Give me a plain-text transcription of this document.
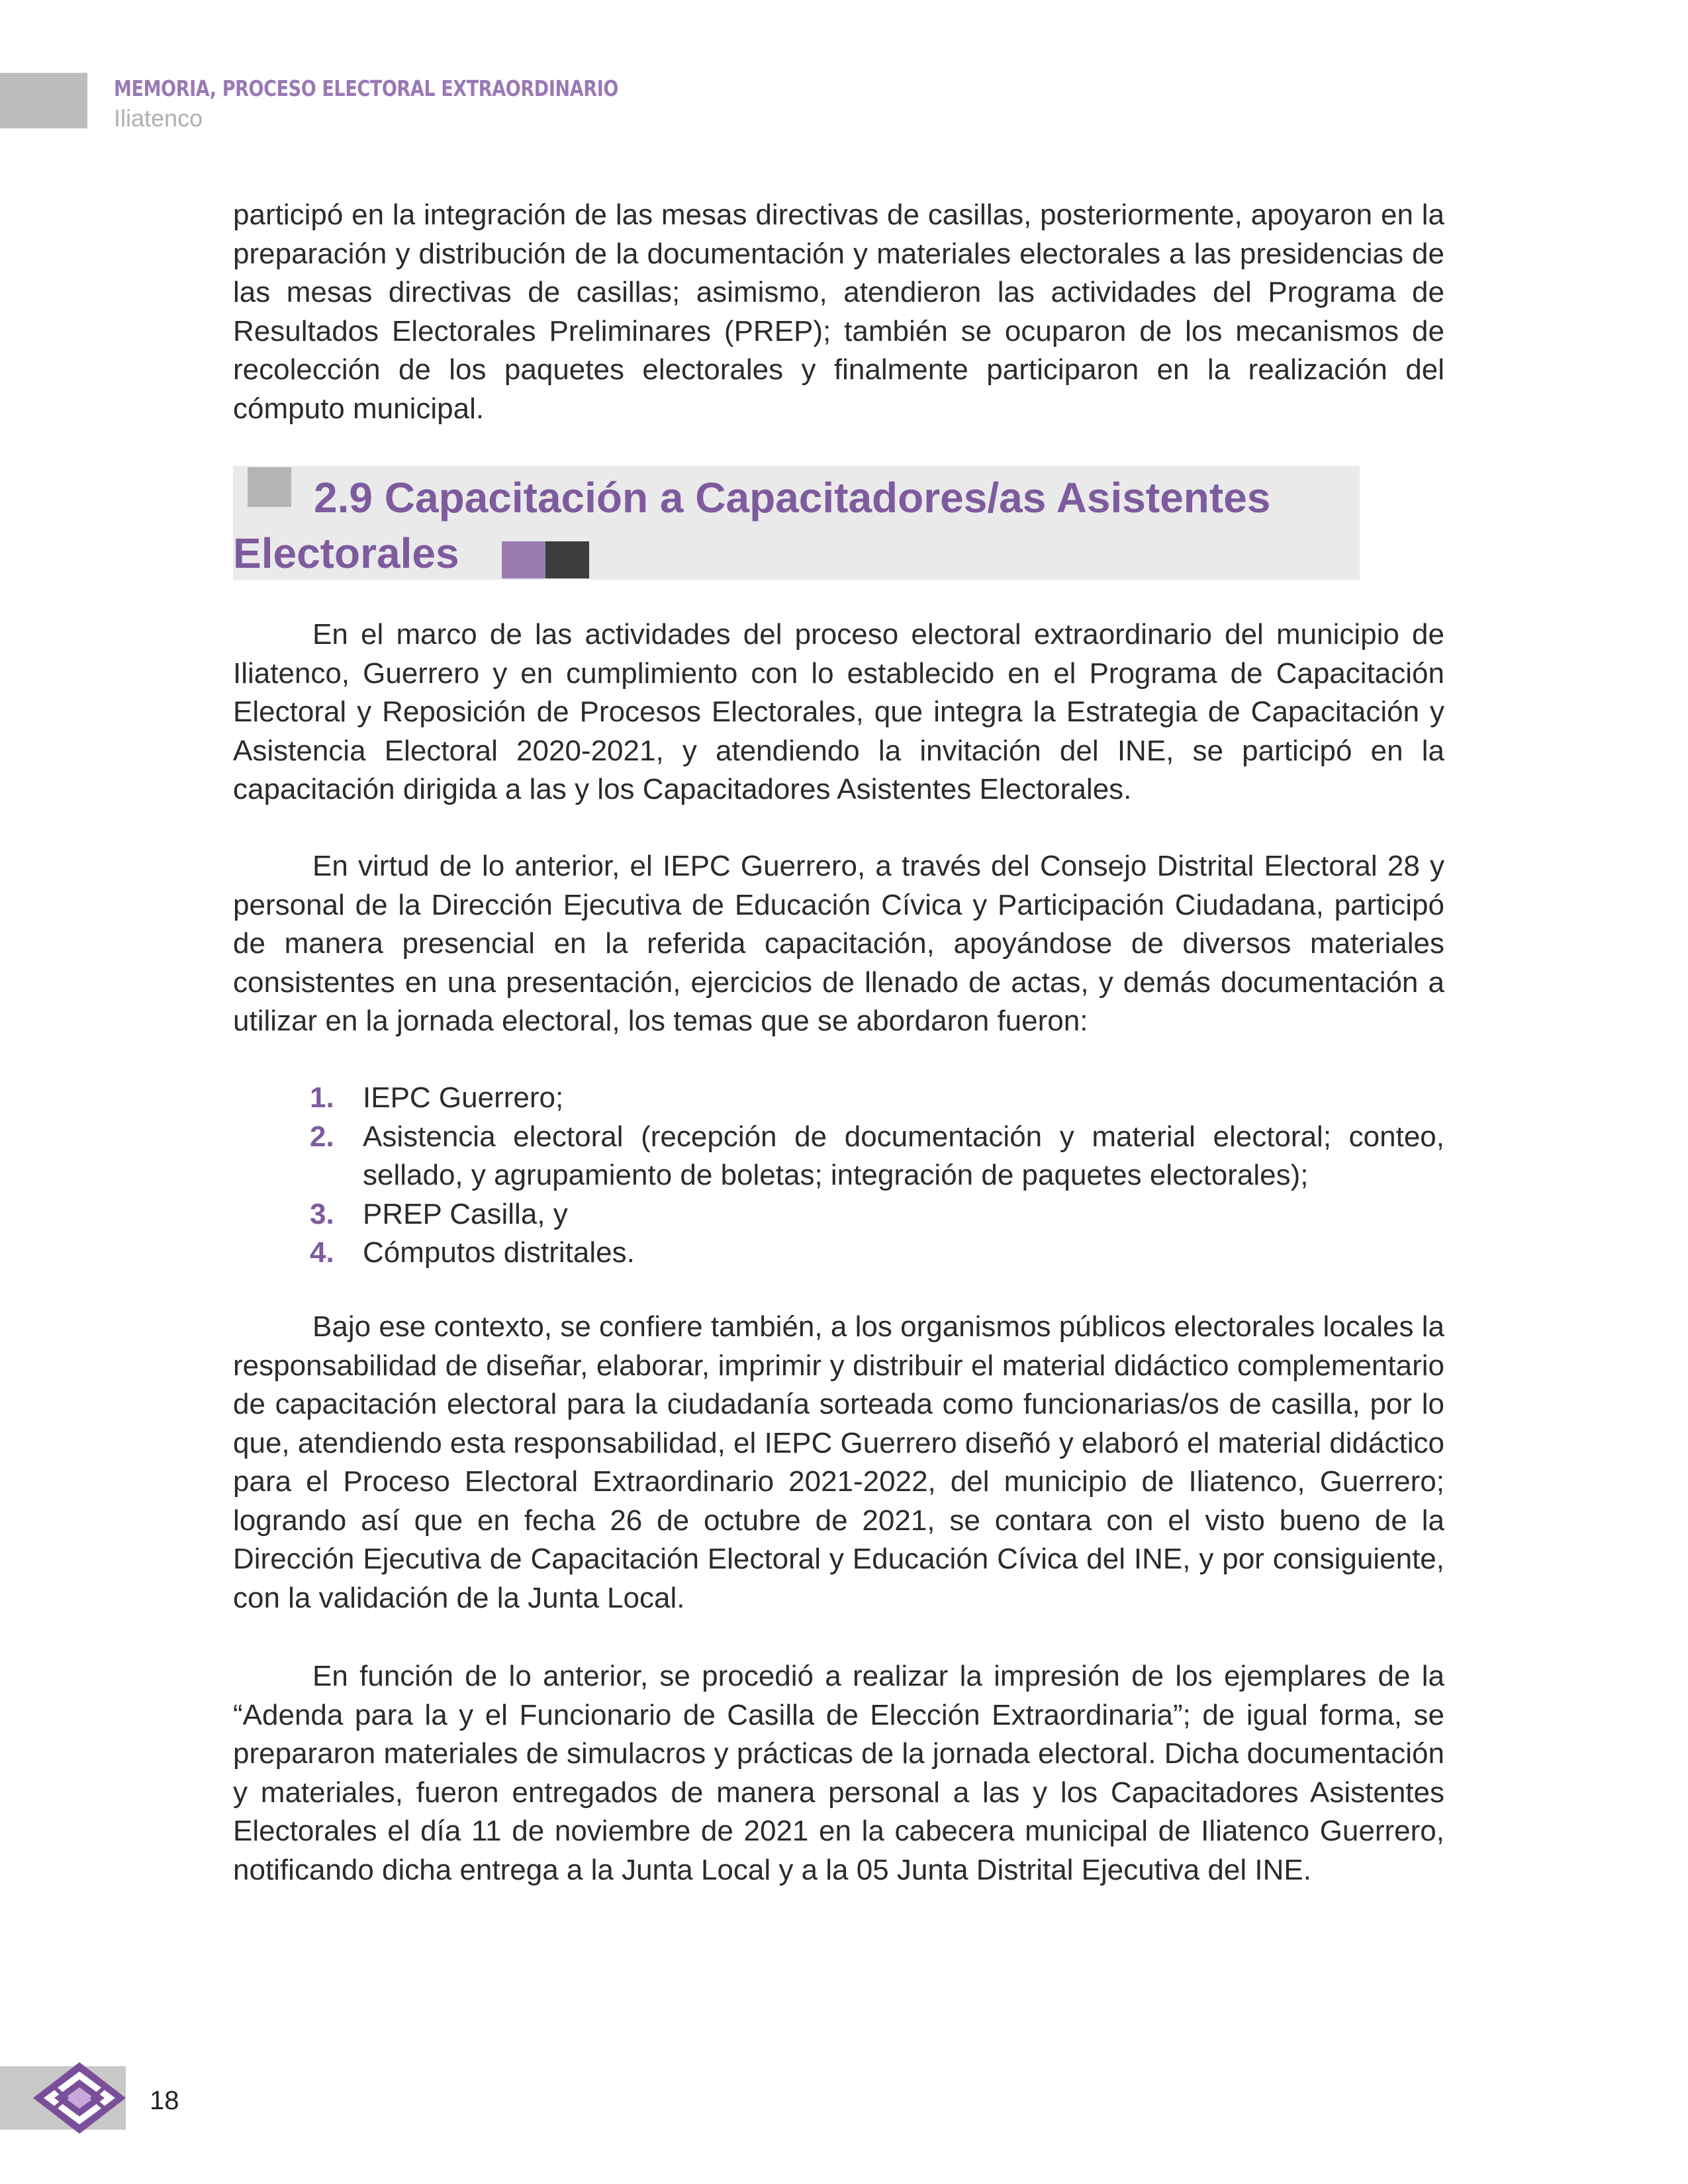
MEMORIA, PROCESO ELECTORAL EXTRAORDINARIO
Iliatenco

participó en la integración de las mesas directivas de casillas, posteriormente, apoyaron en la preparación y distribución de la documentación y materiales electorales a las presidencias de las mesas directivas de casillas; asimismo, atendieron las actividades del Programa de Resultados Electorales Preliminares (PREP); también se ocuparon de los mecanismos de recolección de los paquetes electorales y finalmente participaron en la realización del cómputo municipal.

2.9 Capacitación a Capacitadores/as Asistentes
Electorales

En el marco de las actividades del proceso electoral extraordinario del municipio de Iliatenco, Guerrero y en cumplimiento con lo establecido en el Programa de Capacitación Electoral y Reposición de Procesos Electorales, que integra la Estrategia de Capacitación y Asistencia Electoral 2020-2021, y atendiendo la invitación del INE, se participó en la capacitación dirigida a las y los Capacitadores Asistentes Electorales.

En virtud de lo anterior, el IEPC Guerrero, a través del Consejo Distrital Electoral 28 y personal de la Dirección Ejecutiva de Educación Cívica y Participación Ciudadana, participó de manera presencial en la referida capacitación, apoyándose de diversos materiales consistentes en una presentación, ejercicios de llenado de actas, y demás documentación a utilizar en la jornada electoral, los temas que se abordaron fueron:

1. IEPC Guerrero;
2. Asistencia electoral (recepción de documentación y material electoral; conteo, sellado, y agrupamiento de boletas; integración de paquetes electorales);
3. PREP Casilla, y
4. Cómputos distritales.

Bajo ese contexto, se confiere también, a los organismos públicos electorales locales la responsabilidad de diseñar, elaborar, imprimir y distribuir el material didáctico complementario de capacitación electoral para la ciudadanía sorteada como funcionarias/os de casilla, por lo que, atendiendo esta responsabilidad, el IEPC Guerrero diseñó y elaboró el material didáctico para el Proceso Electoral Extraordinario 2021-2022, del municipio de Iliatenco, Guerrero; logrando así que en fecha 26 de octubre de 2021, se contara con el visto bueno de la Dirección Ejecutiva de Capacitación Electoral y Educación Cívica del INE, y por consiguiente, con la validación de la Junta Local.

En función de lo anterior, se procedió a realizar la impresión de los ejemplares de la “Adenda para la y el Funcionario de Casilla de Elección Extraordinaria”; de igual forma, se prepararon materiales de simulacros y prácticas de la jornada electoral. Dicha documentación y materiales, fueron entregados de manera personal a las y los Capacitadores Asistentes Electorales el día 11 de noviembre de 2021 en la cabecera municipal de Iliatenco Guerrero, notificando dicha entrega a la Junta Local y a la 05 Junta Distrital Ejecutiva del INE.

18
